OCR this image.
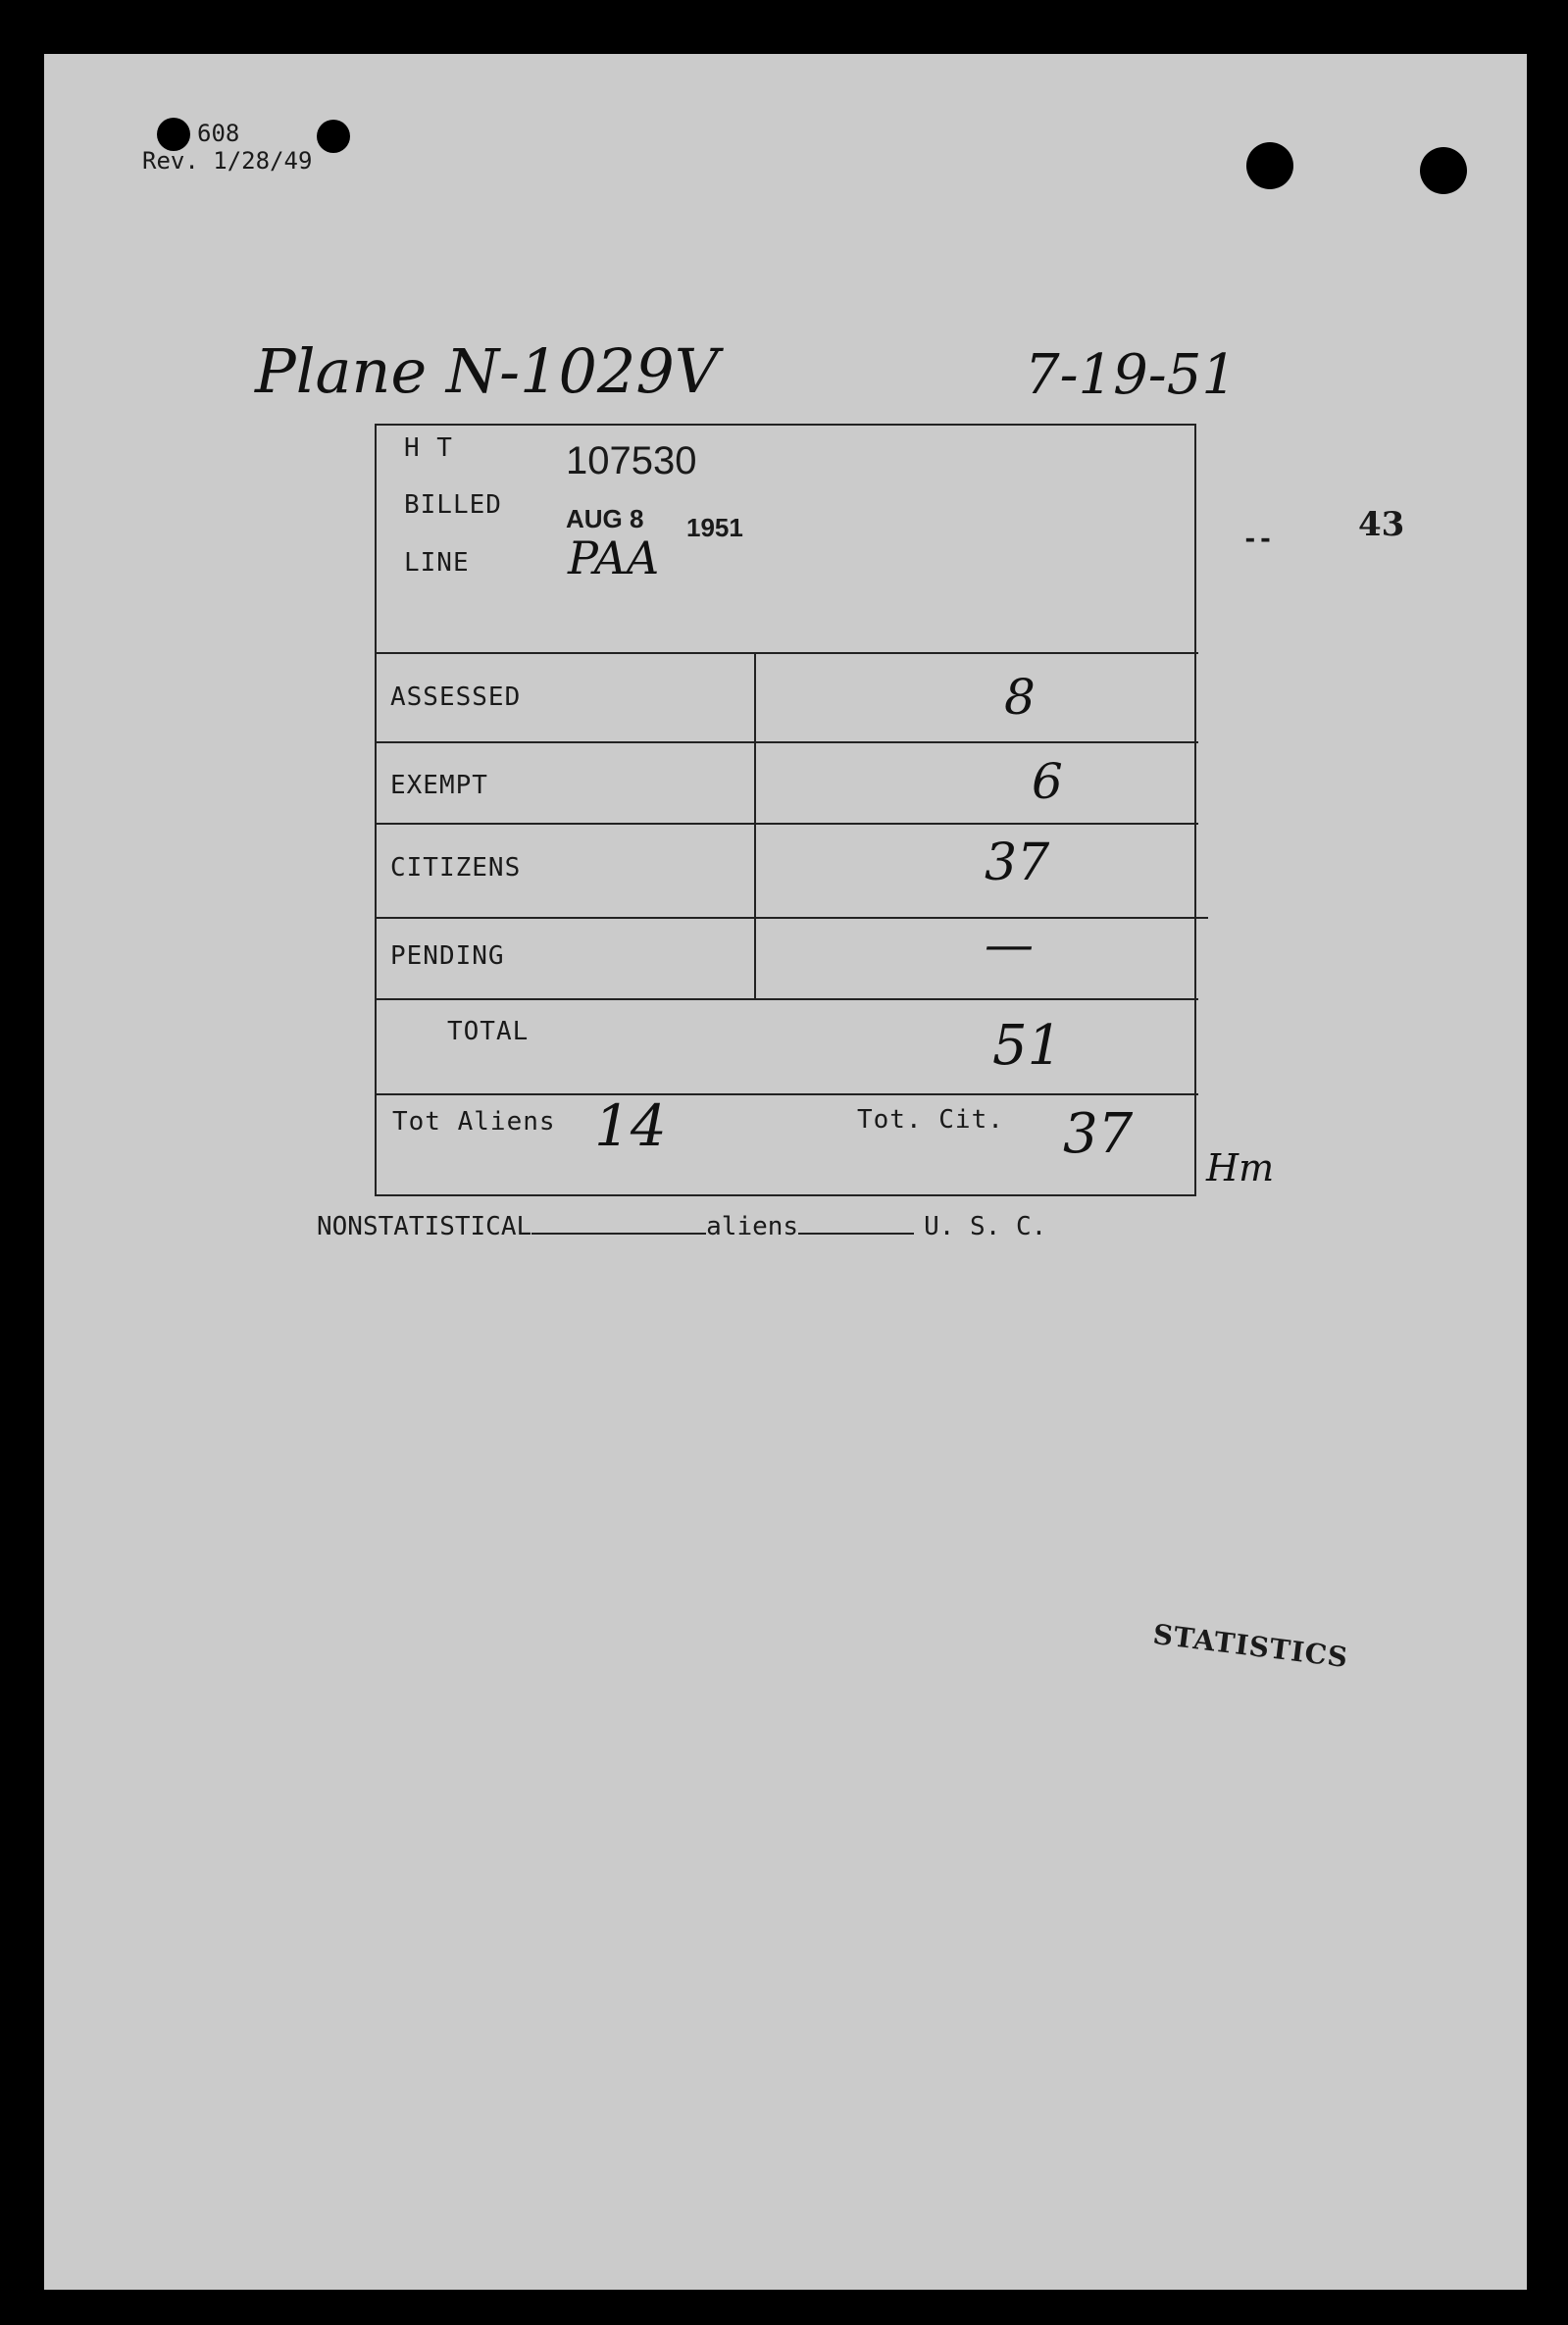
608
Rev. 1/28/49
Plane N-1029V	7-19-51
--	43
H T	107530
BILLED	AUG 8 1951
LINE PAA
ASSESSED	8
EXEMPT	6
CITIZENS	37
PENDING	—
TOTAL	51
Tot Aliens 14	Tot. Cit. 37
Hm
NONSTATISTICAL	aliens	U. S. C.
STATISTICS
